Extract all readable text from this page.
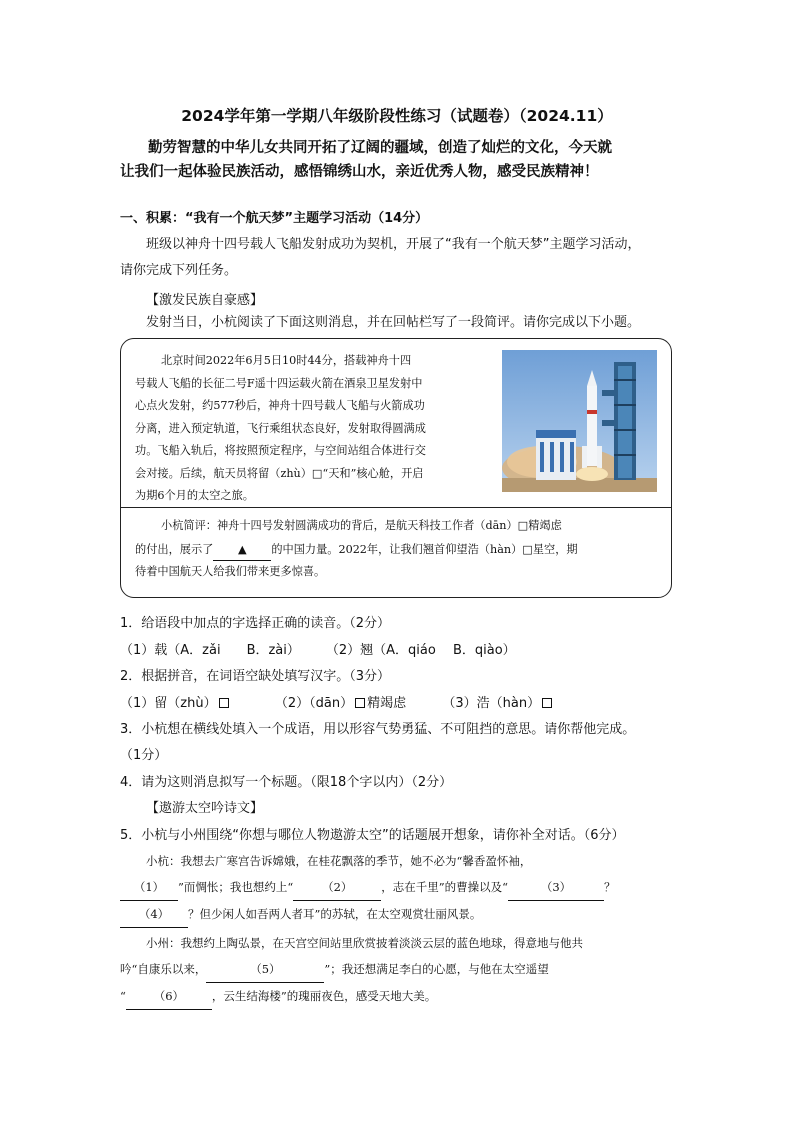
2024学年第一学期八年级阶段性练习（试题卷）（2024.11）
勤劳智慧的中华儿女共同开拓了辽阔的疆域，创造了灿烂的文化，今天就
让我们一起体验民族活动，感悟锦绣山水，亲近优秀人物，感受民族精神！
一、积累：“我有一个航天梦”主题学习活动（14分）
班级以神舟十四号载人飞船发射成功为契机，开展了“我有一个航天梦”主题学习活动，
请你完成下列任务。
【激发民族自豪感】
发射当日，小杭阅读了下面这则消息，并在回帖栏写了一段简评。请你完成以下小题。
北京时间2022年6月5日10时44分，搭载神舟十四
号载人飞船的长征二号F遥十四运载火箭在酒泉卫星发射中
心点火发射，约577秒后，神舟十四号载人飞船与火箭成功
分离，进入预定轨道，飞行乘组状态良好，发射取得圆满成
功。飞船入轨后，将按照预定程序，与空间站组合体进行交
会对接。后续，航天员将留（zhù）□“天和”核心舱，开启
为期6个月的太空之旅。
小杭简评：神舟十四号发射圆满成功的背后，是航天科技工作者（dān）□精竭虑
的付出，展示了 ▲ 的中国力量。2022年，让我们翘首仰望浩（hàn）□星空，期
待着中国航天人给我们带来更多惊喜。
1．给语段中加点的字选择正确的读音。（2分）
（1）载（A．zǎi　　B．zài）　　　（2）翘（A．qiáo　 B．qiào）
2．根据拼音，在词语空缺处填写汉字。（3分）
（1）留（zhù）	（2）（dān） 精竭虑	（3）浩（hàn）
3．小杭想在横线处填入一个成语，用以形容气势勇猛、不可阻挡的意思。请你帮他完成。
（1分）
4．请为这则消息拟写一个标题。（限18个字以内）（2分）
【遨游太空吟诗文】
5．小杭与小州围绕“你想与哪位人物遨游太空”的话题展开想象，请你补全对话。（6分）
小杭：我想去广寒宫告诉嫦娥，在桂花飘落的季节，她不必为“馨香盈怀袖，
（1） ”而惆怅；我也想约上“	（2）	，志在千里”的曹操以及“	（3）	？
（4） ？但少闲人如吾两人者耳”的苏轼，在太空观赏壮丽风景。
小州：我想约上陶弘景，在天宫空间站里欣赏披着淡淡云层的蓝色地球，得意地与他共
吟“自康乐以来，	（5）	”；我还想满足李白的心愿，与他在太空遥望
“ （6） ，云生结海楼”的瑰丽夜色，感受天地大美。
